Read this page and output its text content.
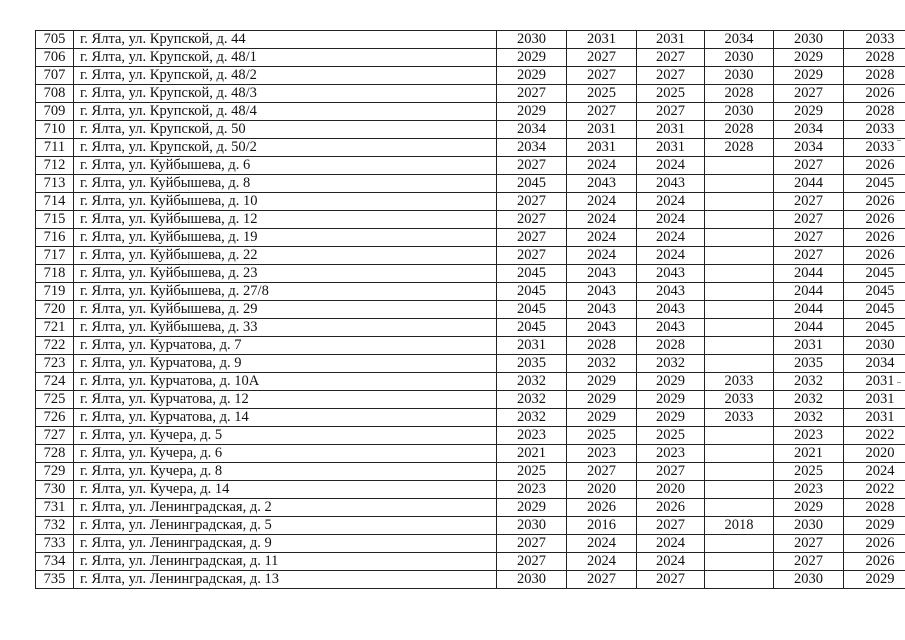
705	г. Ялта, ул. Крупской, д. 44	2030	2031	2031	2034	2030	2033
706	г. Ялта, ул. Крупской, д. 48/1	2029	2027	2027	2030	2029	2028
707	г. Ялта, ул. Крупской, д. 48/2	2029	2027	2027	2030	2029	2028
708	г. Ялта, ул. Крупской, д. 48/3	2027	2025	2025	2028	2027	2026
709	г. Ялта, ул. Крупской, д. 48/4	2029	2027	2027	2030	2029	2028
710	г. Ялта, ул. Крупской, д. 50	2034	2031	2031	2028	2034	2033
711	г. Ялта, ул. Крупской, д. 50/2	2034	2031	2031	2028	2034	2033
712	г. Ялта, ул. Куйбышева, д. 6	2027	2024	2024		2027	2026
713	г. Ялта, ул. Куйбышева, д. 8	2045	2043	2043		2044	2045
714	г. Ялта, ул. Куйбышева, д. 10	2027	2024	2024		2027	2026
715	г. Ялта, ул. Куйбышева, д. 12	2027	2024	2024		2027	2026
716	г. Ялта, ул. Куйбышева, д. 19	2027	2024	2024		2027	2026
717	г. Ялта, ул. Куйбышева, д. 22	2027	2024	2024		2027	2026
718	г. Ялта, ул. Куйбышева, д. 23	2045	2043	2043		2044	2045
719	г. Ялта, ул. Куйбышева, д. 27/8	2045	2043	2043		2044	2045
720	г. Ялта, ул. Куйбышева, д. 29	2045	2043	2043		2044	2045
721	г. Ялта, ул. Куйбышева, д. 33	2045	2043	2043		2044	2045
722	г. Ялта, ул. Курчатова, д. 7	2031	2028	2028		2031	2030
723	г. Ялта, ул. Курчатова, д. 9	2035	2032	2032		2035	2034
724	г. Ялта, ул. Курчатова, д. 10А	2032	2029	2029	2033	2032	2031
725	г. Ялта, ул. Курчатова, д. 12	2032	2029	2029	2033	2032	2031
726	г. Ялта, ул. Курчатова, д. 14	2032	2029	2029	2033	2032	2031
727	г. Ялта, ул. Кучера, д. 5	2023	2025	2025		2023	2022
728	г. Ялта, ул. Кучера, д. 6	2021	2023	2023		2021	2020
729	г. Ялта, ул. Кучера, д. 8	2025	2027	2027		2025	2024
730	г. Ялта, ул. Кучера, д. 14	2023	2020	2020		2023	2022
731	г. Ялта, ул. Ленинградская, д. 2	2029	2026	2026		2029	2028
732	г. Ялта, ул. Ленинградская, д. 5	2030	2016	2027	2018	2030	2029
733	г. Ялта, ул. Ленинградская, д. 9	2027	2024	2024		2027	2026
734	г. Ялта, ул. Ленинградская, д. 11	2027	2024	2024		2027	2026
735	г. Ялта, ул. Ленинградская, д. 13	2030	2027	2027		2030	2029
